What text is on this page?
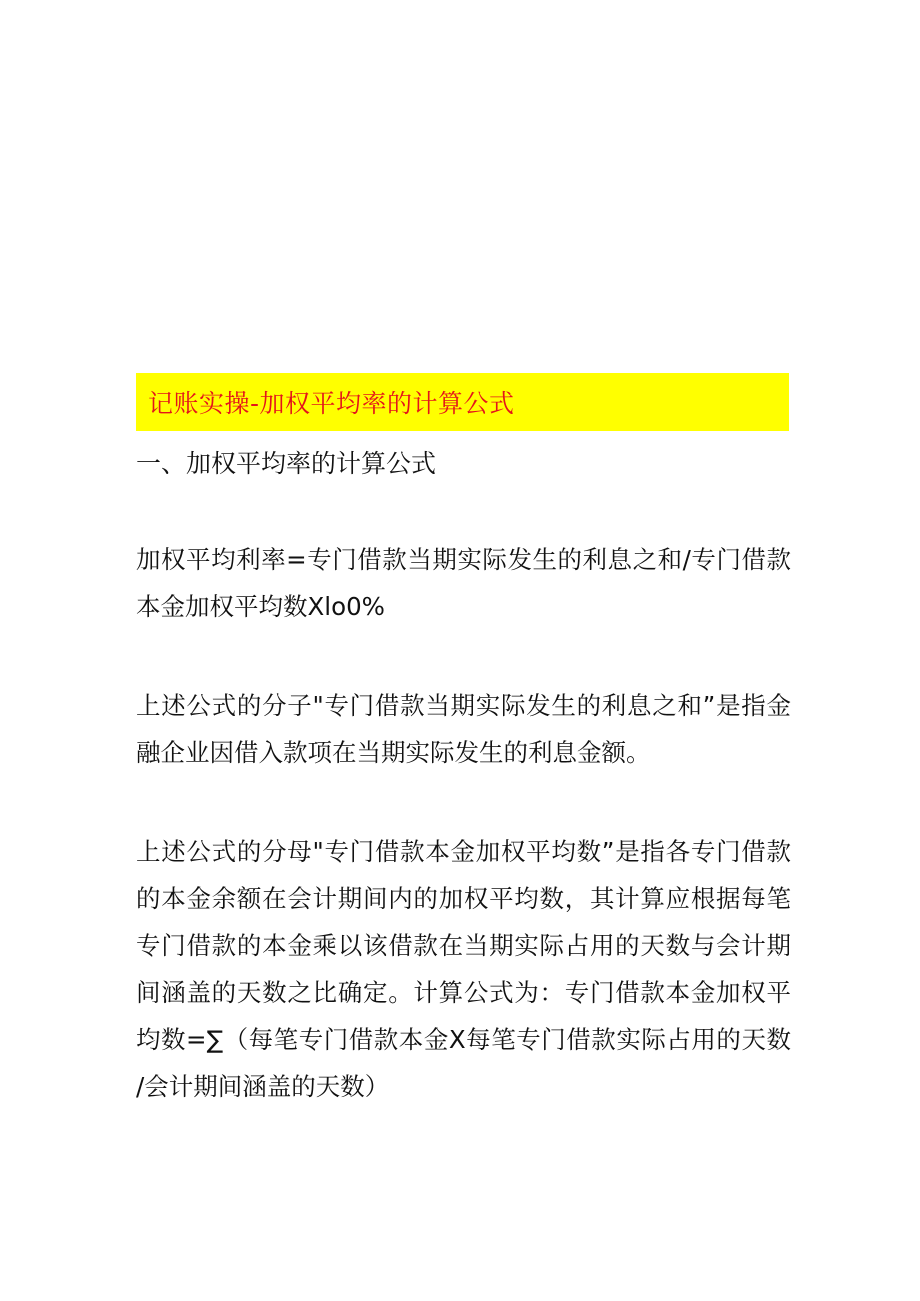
记账实操-加权平均率的计算公式
一、加权平均率的计算公式

加权平均利率=专门借款当期实际发生的利息之和/专门借款
本金加权平均数Xlo0%

上述公式的分子"专门借款当期实际发生的利息之和”是指金
融企业因借入款项在当期实际发生的利息金额。

上述公式的分母"专门借款本金加权平均数”是指各专门借款
的本金余额在会计期间内的加权平均数，其计算应根据每笔
专门借款的本金乘以该借款在当期实际占用的天数与会计期
间涵盖的天数之比确定。计算公式为：专门借款本金加权平
均数=∑（每笔专门借款本金X每笔专门借款实际占用的天数
/会计期间涵盖的天数）
